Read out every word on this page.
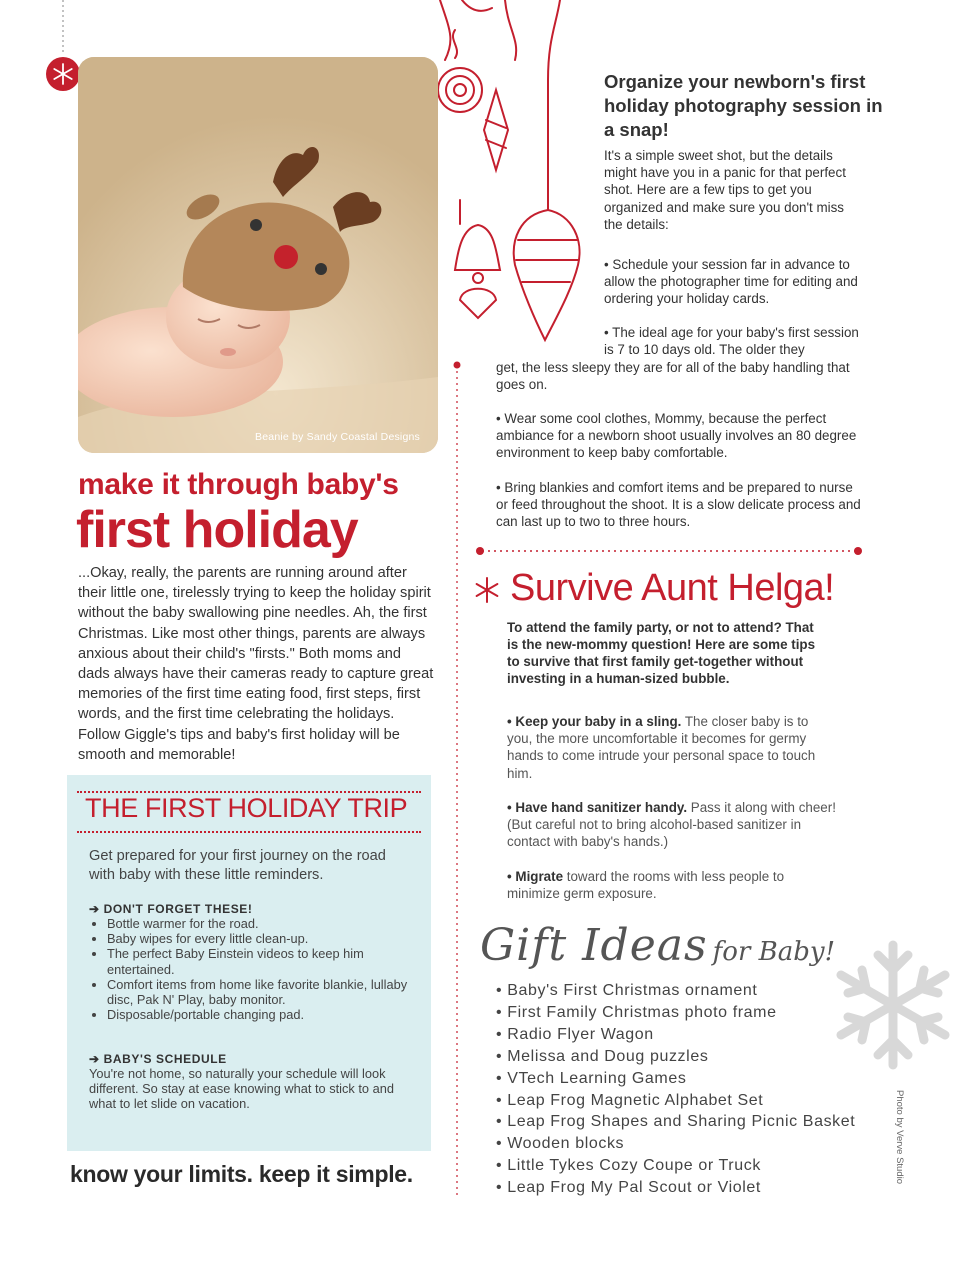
Beanie by Sandy Coastal Designs
make it through baby's
first holiday
...Okay, really, the parents are running around after their little one, tirelessly trying to keep the holiday spirit without the baby swallowing pine needles. Ah, the first Christmas. Like most other things, parents are always anxious about their child's "firsts." Both moms and dads always have their cameras ready to capture great memories of the first time eating food, first steps, first words, and the first time celebrating the holidays. Follow Giggle's tips and baby's first holiday will be smooth and memorable!
THE FIRST HOLIDAY TRIP
Get prepared for your first journey on the road with baby with these little reminders.
➔ DON'T FORGET THESE!
• Bottle warmer for the road.
• Baby wipes for every little clean-up.
• The perfect Baby Einstein videos to keep him entertained.
• Comfort items from home like favorite blankie, lullaby disc, Pak N' Play, baby monitor.
• Disposable/portable changing pad.
➔ BABY'S SCHEDULE
You're not home, so naturally your schedule will look different. So stay at ease knowing what to stick to and what to let slide on vacation.
know your limits. keep it simple.
Organize your newborn's first holiday photography session in a snap!
It's a simple sweet shot, but the details might have you in a panic for that perfect shot. Here are a few tips to get you organized and make sure you don't miss the details:
• Schedule your session far in advance to allow the photographer time for editing and ordering your holiday cards.
• The ideal age for your baby's first session is 7 to 10 days old. The older they
get, the less sleepy they are for all of the baby handling that goes on.
• Wear some cool clothes, Mommy, because the perfect ambiance for a newborn shoot usually involves an 80 degree environment to keep baby comfortable.
• Bring blankies and comfort items and be prepared to nurse or feed throughout the shoot. It is a slow delicate process and can last up to two to three hours.
Survive Aunt Helga!
To attend the family party, or not to attend? That is the new-mommy question! Here are some tips to survive that first family get-together without investing in a human-sized bubble.
• Keep your baby in a sling. The closer baby is to you, the more uncomfortable it becomes for germy hands to come intrude your personal space to touch him.
• Have hand sanitizer handy. Pass it along with cheer! (But careful not to bring alcohol-based sanitizer in contact with baby's hands.)
• Migrate toward the rooms with less people to minimize germ exposure.
Gift Ideas for Baby!
• Baby's First Christmas ornament
• First Family Christmas photo frame
• Radio Flyer Wagon
• Melissa and Doug puzzles
• VTech Learning Games
• Leap Frog Magnetic Alphabet Set
• Leap Frog Shapes and Sharing Picnic Basket
• Wooden blocks
• Little Tykes Cozy Coupe or Truck
• Leap Frog My Pal Scout or Violet
Photo by Verve Studio
